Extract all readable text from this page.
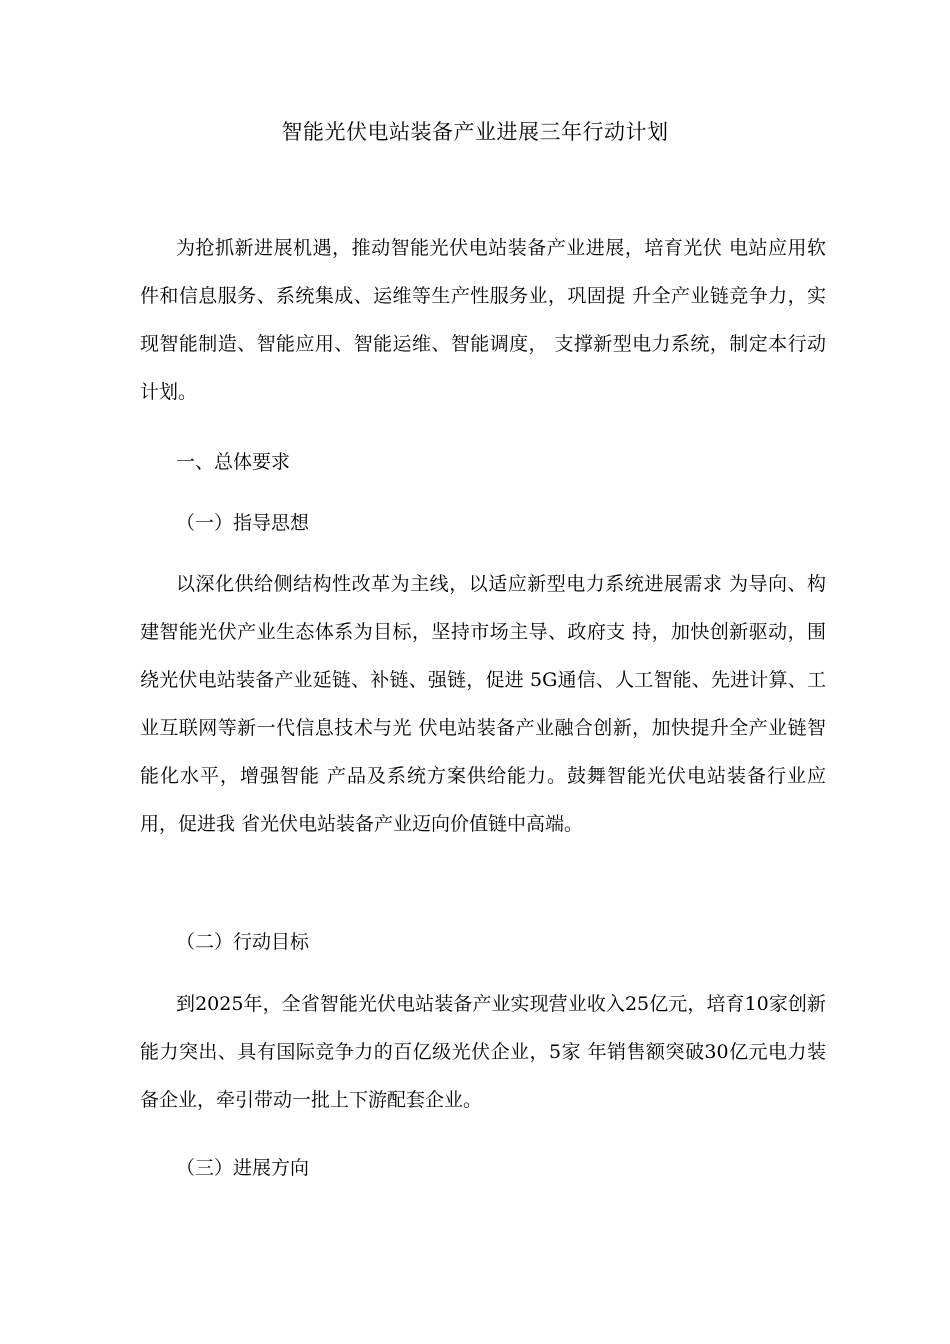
智能光伏电站装备产业进展三年行动计划

为抢抓新进展机遇，推动智能光伏电站装备产业进展，培育光伏 电站应用软件和信息服务、系统集成、运维等生产性服务业，巩固提 升全产业链竞争力，实现智能制造、智能应用、智能运维、智能调度， 支撑新型电力系统，制定本行动计划。

一、总体要求
（一）指导思想

以深化供给侧结构性改革为主线，以适应新型电力系统进展需求 为导向、构建智能光伏产业生态体系为目标，坚持市场主导、政府支 持，加快创新驱动，围绕光伏电站装备产业延链、补链、强链，促进 5G通信、人工智能、先进计算、工业互联网等新一代信息技术与光 伏电站装备产业融合创新，加快提升全产业链智能化水平，增强智能 产品及系统方案供给能力。鼓舞智能光伏电站装备行业应用，促进我 省光伏电站装备产业迈向价值链中高端。

（二）行动目标

到2025年，全省智能光伏电站装备产业实现营业收入25亿元，培育10家创新能力突出、具有国际竞争力的百亿级光伏企业，5家 年销售额突破30亿元电力装备企业，牵引带动一批上下游配套企业。

（三）进展方向
